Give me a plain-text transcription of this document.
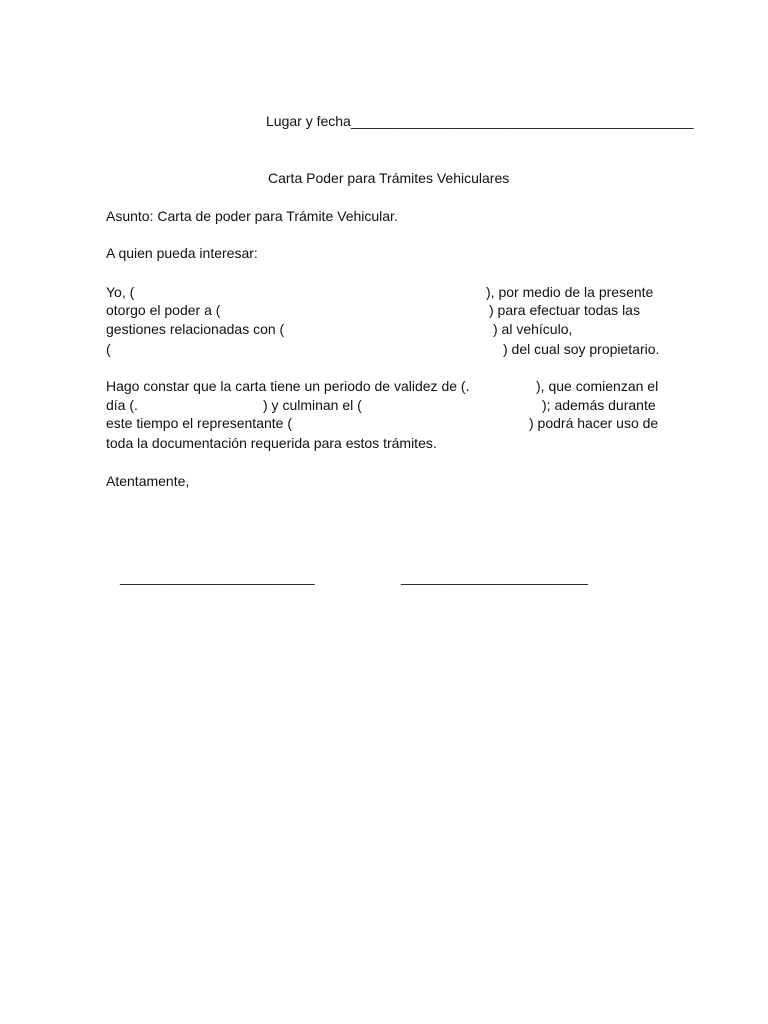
Lugar y fecha ____________________________________________
Carta Poder para Trámites Vehiculares
Asunto: Carta de poder para Trámite Vehicular.
A quien pueda interesar:
Yo, (	), por medio de la presente
otorgo el poder a (	) para efectuar todas las
gestiones relacionadas con (	) al vehículo,
(	) del cual soy propietario.
Hago constar que la carta tiene un periodo de validez de (.	), que comienzan el
día (.	) y culminan el (	); además durante
este tiempo el representante (	) podrá hacer uso de
toda la documentación requerida para estos trámites.
Atentamente,
_________________________	________________________
